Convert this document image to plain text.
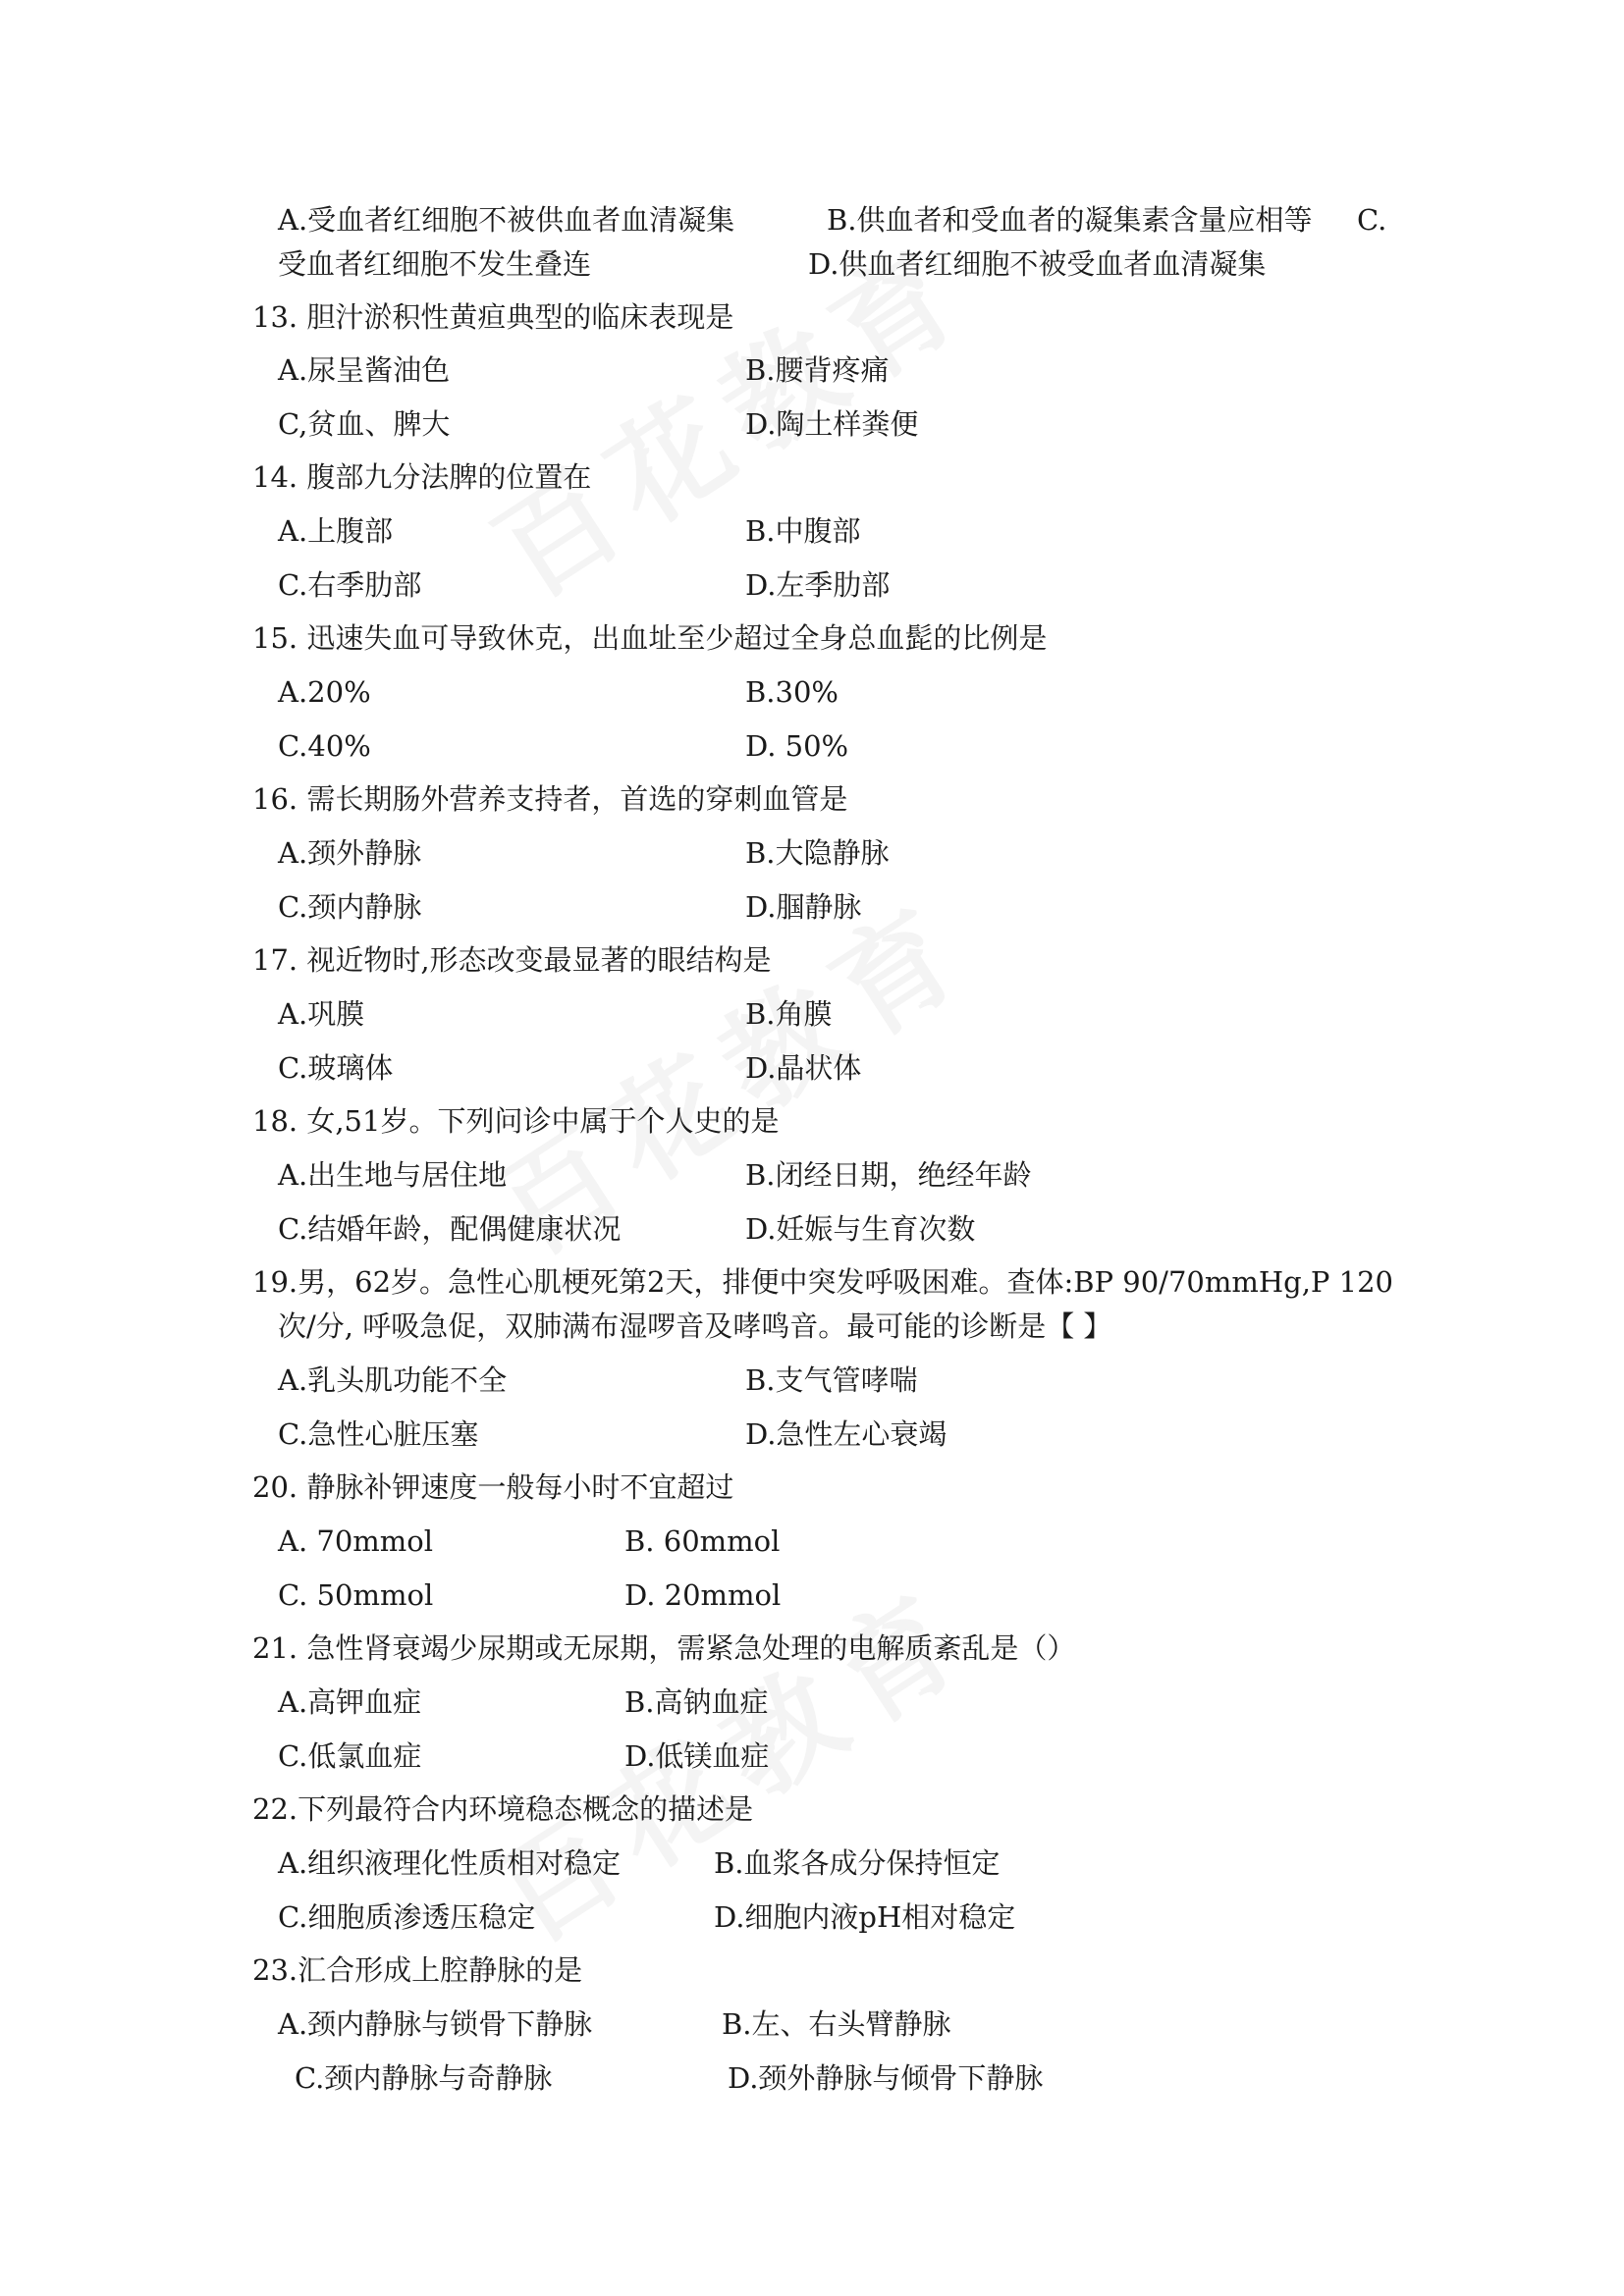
A.受血者红细胞不被供血者血清凝集	B.供血者和受血者的凝集素含量应相等 C.
受血者红细胞不发生叠连	D.供血者红细胞不被受血者血清凝集
13. 胆汁淤积性黄疸典型的临床表现是
A.尿呈酱油色	B.腰背疼痛
C,贫血、脾大	D.陶土样粪便
14. 腹部九分法脾的位置在
A.上腹部	B.中腹部
C.右季肋部	D.左季肋部
15. 迅速失血可导致休克，出血址至少超过全身总血髭的比例是
A.20%	B.30%
C.40%	D. 50%
16. 需长期肠外营养支持者，首选的穿刺血管是
A.颈外静脉	B.大隐静脉
C.颈内静脉	D.腘静脉
17. 视近物时,形态改变最显著的眼结构是
A.巩膜	B.角膜
C.玻璃体	D.晶状体
18. 女,51岁。下列问诊中属于个人史的是
A.出生地与居住地	B.闭经日期，绝经年龄
C.结婚年龄，配偶健康状况	D.妊娠与生育次数
19.男，62岁。急性心肌梗死第2天，排便中突发呼吸困难。查体:BP 90/70mmHg,P 120
次/分, 呼吸急促，双肺满布湿啰音及哮鸣音。最可能的诊断是【 】
A.乳头肌功能不全	B.支气管哮喘
C.急性心脏压塞	D.急性左心衰竭
20. 静脉补钾速度一般每小时不宜超过
A. 70mmol	B. 60mmol
C. 50mmol	D. 20mmol
21. 急性肾衰竭少尿期或无尿期，需紧急处理的电解质紊乱是（）
A.高钾血症	B.高钠血症
C.低氯血症	D.低镁血症
22.下列最符合内环境稳态概念的描述是
A.组织液理化性质相对稳定	B.血浆各成分保持恒定
C.细胞质渗透压稳定	D.细胞内液pH相对稳定
23.汇合形成上腔静脉的是
A.颈内静脉与锁骨下静脉	B.左、右头臂静脉
C.颈内静脉与奇静脉	D.颈外静脉与倾骨下静脉
